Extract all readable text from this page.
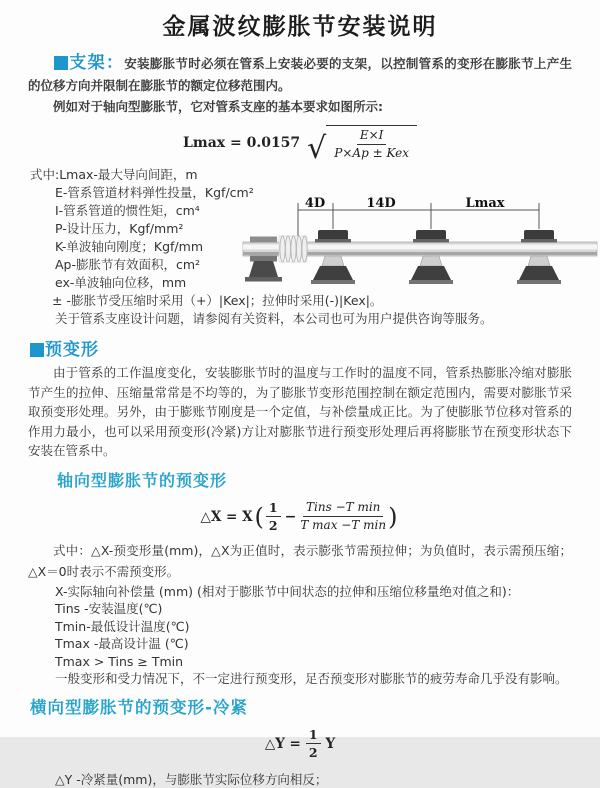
金属波纹膨胀节安装说明

支架：安装膨胀节时必须在管系上安装必要的支架，以控制管系的变形在膨胀节上产生的位移方向并限制在膨胀节的额定位移范围内。

例如对于轴向型膨胀节，它对管系支座的基本要求如图所示:

Lmax = 0.0157 √ $\frac{E\times I}{\text{P×Ap ± Kex}}$
式中:Lmax-最大导向间距，m
E-管系管道材料弹性投量，Kgf/cm²
I-管系管道的惯性矩，cm⁴
P-设计压力，Kgf/mm²
K-单波轴向刚度；Kgf/mm
Ap-膨胀节有效面积，cm²
ex-单波轴向位移，mm
± -膨胀节受压缩时采用（+）|Kex|；拉伸时采用(-)|Kex|。
关于管系支座设计问题，请参阅有关资料，本公司也可为用户提供咨询等服务。
4D	14D	Lmax
预变形

由于管系的工作温度变化，安装膨胀节时的温度与工作时的温度不同，管系热膨胀冷缩对膨胀节产生的拉伸、压缩量常常是不均等的，为了膨胀节变形范围控制在额定范围内，需要对膨胀节采取预变形处理。另外，由于膨账节刚度是一个定值，与补偿量成正比。为了使膨胀节位移对管系的作用力最小，也可以采用预变形(冷紧)方让对膨胀节进行预变形处理后再将膨胀节在预变形状态下安装在管系中。

轴向型膨胀节的预变形
△X = X ( $\frac{1}{2} - \frac{\text{Tins −T min}}{\text{T max −T min}}$ )

式中：△X-预变形量(mm)，△X为正值时，表示膨张节需预拉伸；为负值时，表示需预压缩；△X＝0时表示不需预变形。

X-实际轴向补偿量 (mm) (相对于膨胀节中间状态的拉伸和压缩位移量绝对值之和)：
Tins -安装温度(℃)
Tmin-最低设计温度(℃)
Tmax -最高设计温 (℃)
Tmax > Tins ≥ Tmin
一般变形和受力情况下，不一定进行预变形，足否预变形对膨胀节的疲劳寿命几乎没有影响。
横向型膨胀节的预变形-冷紧
△Y = $\frac{1}{2}$ Y

△Y -冷紧量(mm)，与膨胀节实际位移方向相反；
